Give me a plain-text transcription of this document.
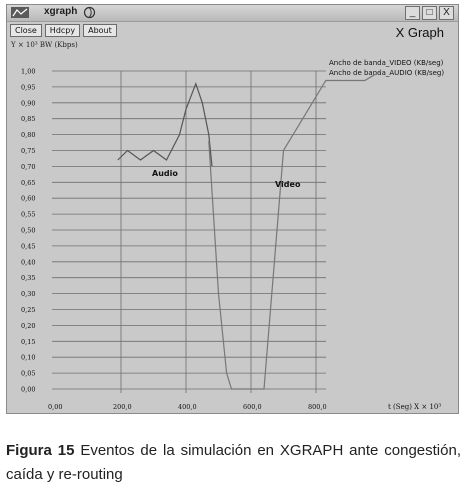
xgraph	_	□	X
Close	Hdcpy	About	X Graph
Y × 10³ BW (Kbps)
Ancho de banda_VIDEO (KB/seg)
Ancho de banda_AUDIO (KB/seg)
0,00
0,05
0,10
0,15
0,20
0,25
0,30
0,35
0,40
0,45
0,50
0,55
0,60
0,65
0,70
0,75
0,80
0,85
0,90
0,95
1,00
0,00	200,0	400,0	600,0	800,0
Audio
Video
t (Seg) X × 10³
Figura 15 Eventos de la simulación en XGRAPH ante congestión, caída y re-routing
